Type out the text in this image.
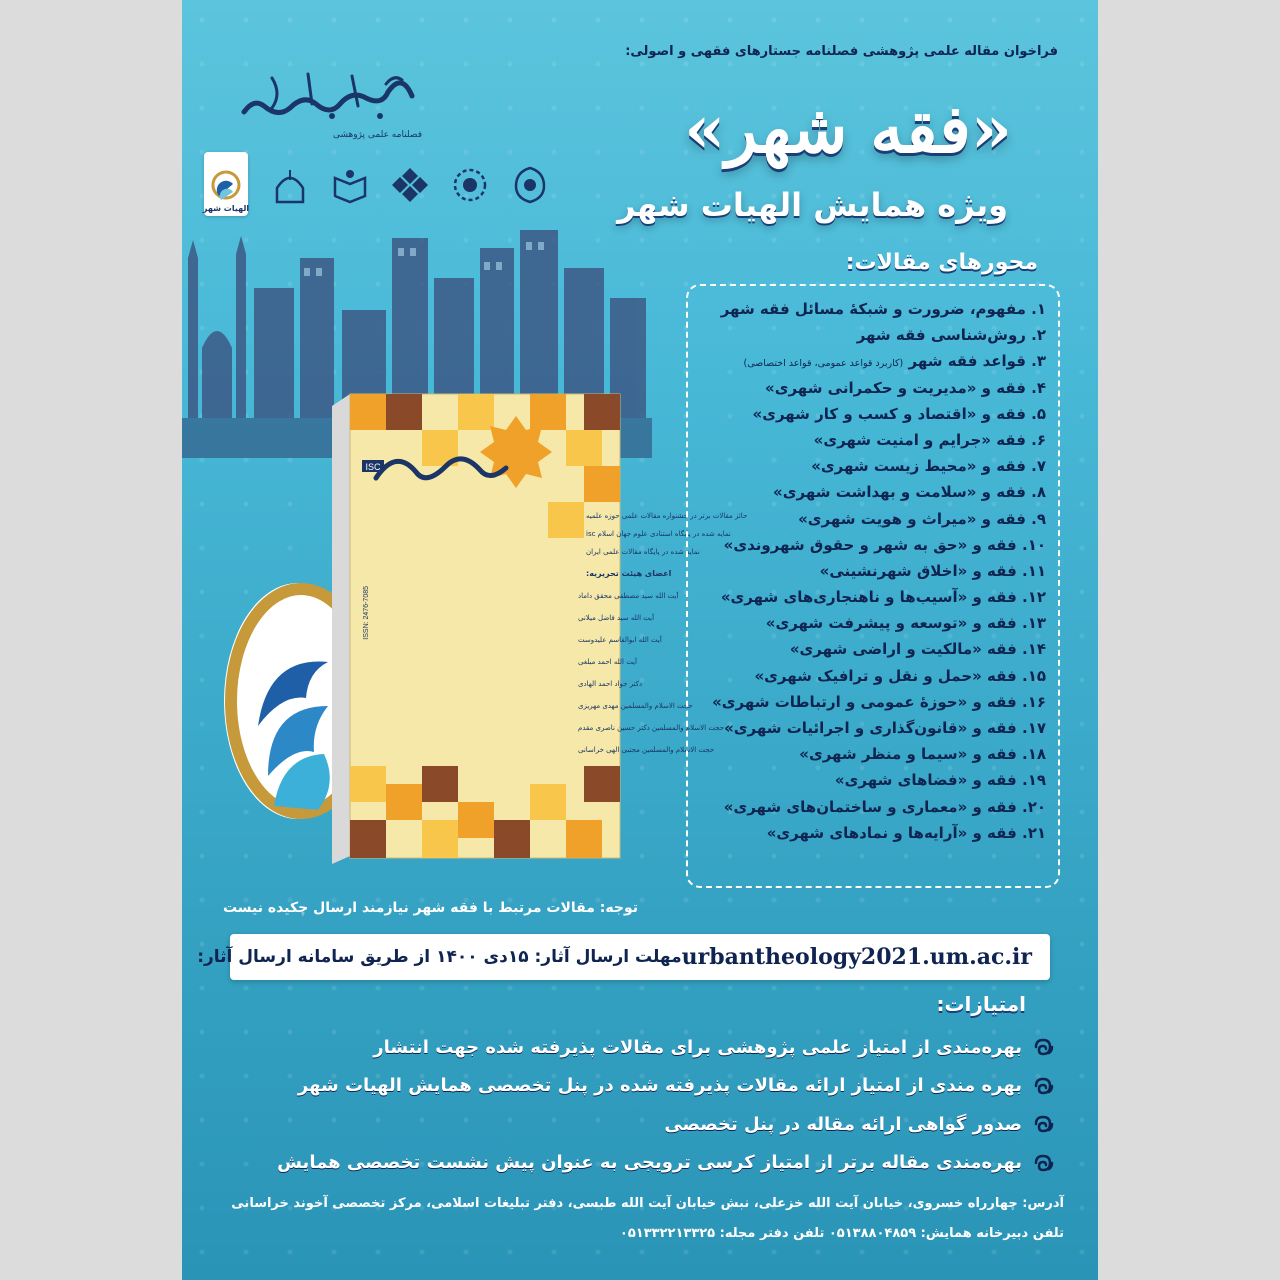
فصلنامه علمی پژوهشی
الهیات شهر
فراخوان مقاله علمی پژوهشی فصلنامه جستارهای فقهی و اصولی:
«فقه شهر»
ویژه همایش الهیات شهر
ISC
ISSN: 2476-7085
حائز مقالات برتر در جشنواره مقالات علمی حوزه علمیه
نمایه شده در پایگاه استنادی علوم جهان اسلام isc
نمایه شده در پایگاه مقالات علمی ایران
اعضای هیئت تحریریه:
آیت الله سید مصطفی محقق داماد
آیت الله سید فاضل میلانی
آیت الله ابوالقاسم علیدوست
آیت الله احمد مبلغی
دکتر جواد احمد الهادی
حجت الاسلام والمسلمین مهدی مهریزی
حجت الاسلام والمسلمین دکتر حسین ناصری مقدم
حجت الاسلام والمسلمین مجتبی الهی خراسانی
محورهای مقالات:
۱. مفهوم، ضرورت و شبکهٔ مسائل فقه شهر
۲. روش‌شناسی فقه شهر
۳. قواعد فقه شهر (کاربرد قواعد عمومی، قواعد اختصاصی)
۴. فقه و «مدیریت و حکمرانی شهری»
۵. فقه و «اقتصاد و کسب و کار شهری»
۶. فقه «جرایم و امنیت شهری»
۷. فقه و «محیط زیست شهری»
۸. فقه و «سلامت و بهداشت شهری»
۹. فقه و «میراث و هویت شهری»
۱۰. فقه و «حق به شهر و حقوق شهروندی»
۱۱. فقه و «اخلاق شهرنشینی»
۱۲. فقه و «آسیب‌ها و ناهنجاری‌های شهری»
۱۳. فقه و «توسعه و پیشرفت شهری»
۱۴. فقه «مالکیت و اراضی شهری»
۱۵. فقه «حمل و نقل و ترافیک شهری»
۱۶. فقه و «حوزهٔ عمومی و ارتباطات شهری»
۱۷. فقه و «قانون‌گذاری و اجرائیات شهری»
۱۸. فقه و «سیما و منظر شهری»
۱۹. فقه و «فضاهای شهری»
۲۰. فقه و «معماری و ساختمان‌های شهری»
۲۱. فقه و «آرایه‌ها و نمادهای شهری»
توجه: مقالات مرتبط با فقه شهر نیازمند ارسال چکیده نیست
urbantheology2021.um.ac.ir
مهلت ارسال آثار: ۱۵دی ۱۴۰۰ از طریق سامانه ارسال آثار:
امتیازات:
بهره‌مندی از امتیاز علمی پژوهشی برای مقالات پذیرفته شده جهت انتشار
بهره مندی از امتیاز ارائه مقالات پذیرفته شده در پنل تخصصی همایش الهیات شهر
صدور گواهی ارائه مقاله در پنل تخصصی
بهره‌مندی مقاله برتر از امتیاز کرسی ترویجی به عنوان پیش نشست تخصصی همایش
آدرس: چهارراه خسروی، خیابان آیت الله خزعلی، نبش خیابان آیت الله طبسی، دفتر تبلیغات اسلامی، مرکز تخصصی آخوند خراسانی
تلفن دبیرخانه همایش: ۰۵۱۳۸۸۰۴۸۵۹ تلفن دفتر مجله: ۰۵۱۳۳۲۲۱۳۳۲۵
